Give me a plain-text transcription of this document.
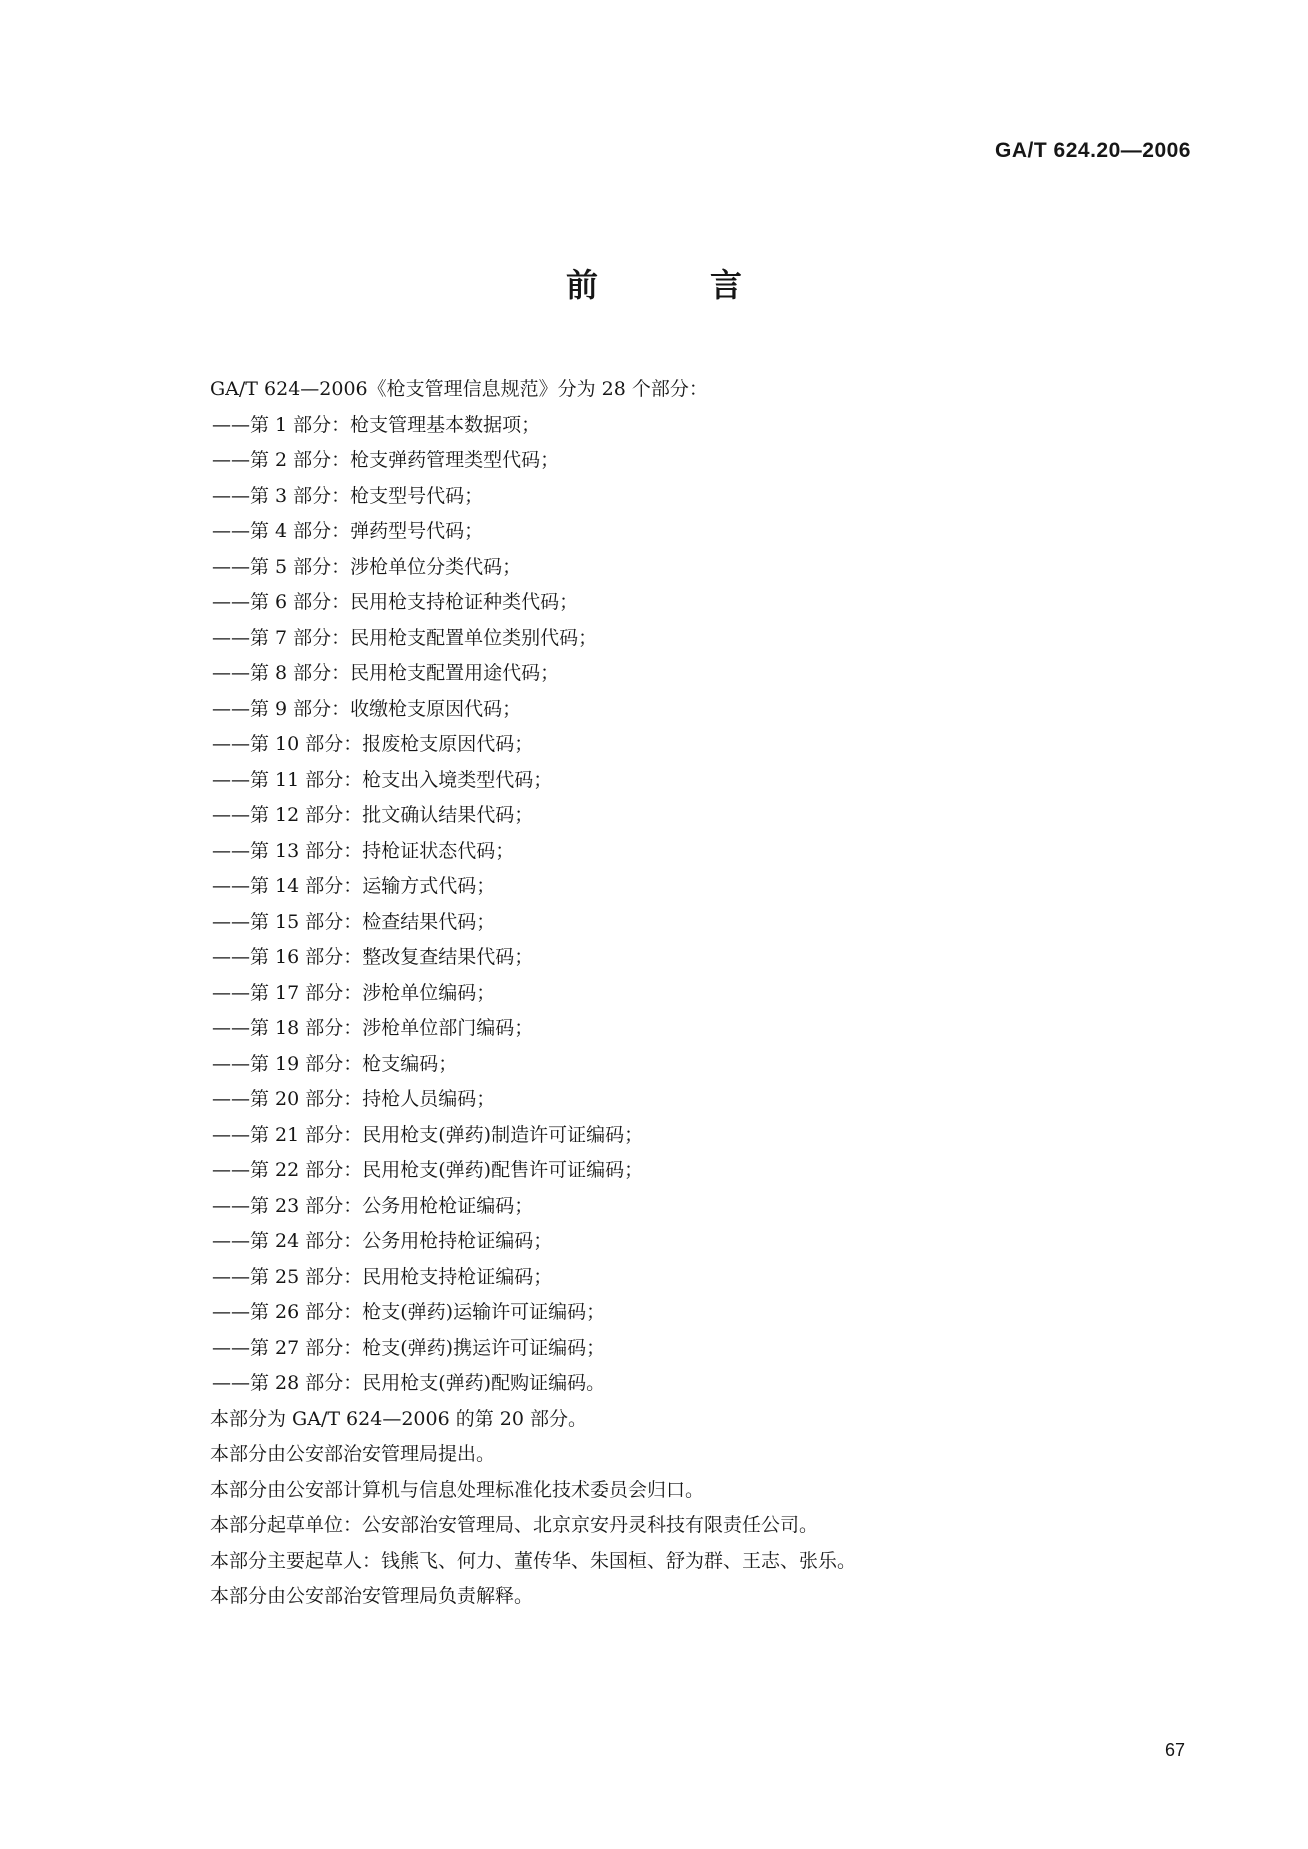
GA/T 624.20—2006

前　言

GA/T 624—2006《枪支管理信息规范》分为 28 个部分：

——第 1 部分：枪支管理基本数据项；
——第 2 部分：枪支弹药管理类型代码；
——第 3 部分：枪支型号代码；
——第 4 部分：弹药型号代码；
——第 5 部分：涉枪单位分类代码；
——第 6 部分：民用枪支持枪证种类代码；
——第 7 部分：民用枪支配置单位类别代码；
——第 8 部分：民用枪支配置用途代码；
——第 9 部分：收缴枪支原因代码；
——第 10 部分：报废枪支原因代码；
——第 11 部分：枪支出入境类型代码；
——第 12 部分：批文确认结果代码；
——第 13 部分：持枪证状态代码；
——第 14 部分：运输方式代码；
——第 15 部分：检查结果代码；
——第 16 部分：整改复查结果代码；
——第 17 部分：涉枪单位编码；
——第 18 部分：涉枪单位部门编码；
——第 19 部分：枪支编码；
——第 20 部分：持枪人员编码；
——第 21 部分：民用枪支(弹药)制造许可证编码；
——第 22 部分：民用枪支(弹药)配售许可证编码；
——第 23 部分：公务用枪枪证编码；
——第 24 部分：公务用枪持枪证编码；
——第 25 部分：民用枪支持枪证编码；
——第 26 部分：枪支(弹药)运输许可证编码；
——第 27 部分：枪支(弹药)携运许可证编码；
——第 28 部分：民用枪支(弹药)配购证编码。

本部分为 GA/T 624—2006 的第 20 部分。

本部分由公安部治安管理局提出。

本部分由公安部计算机与信息处理标准化技术委员会归口。

本部分起草单位：公安部治安管理局、北京京安丹灵科技有限责任公司。

本部分主要起草人：钱熊飞、何力、董传华、朱国桓、舒为群、王志、张乐。

本部分由公安部治安管理局负责解释。

67
